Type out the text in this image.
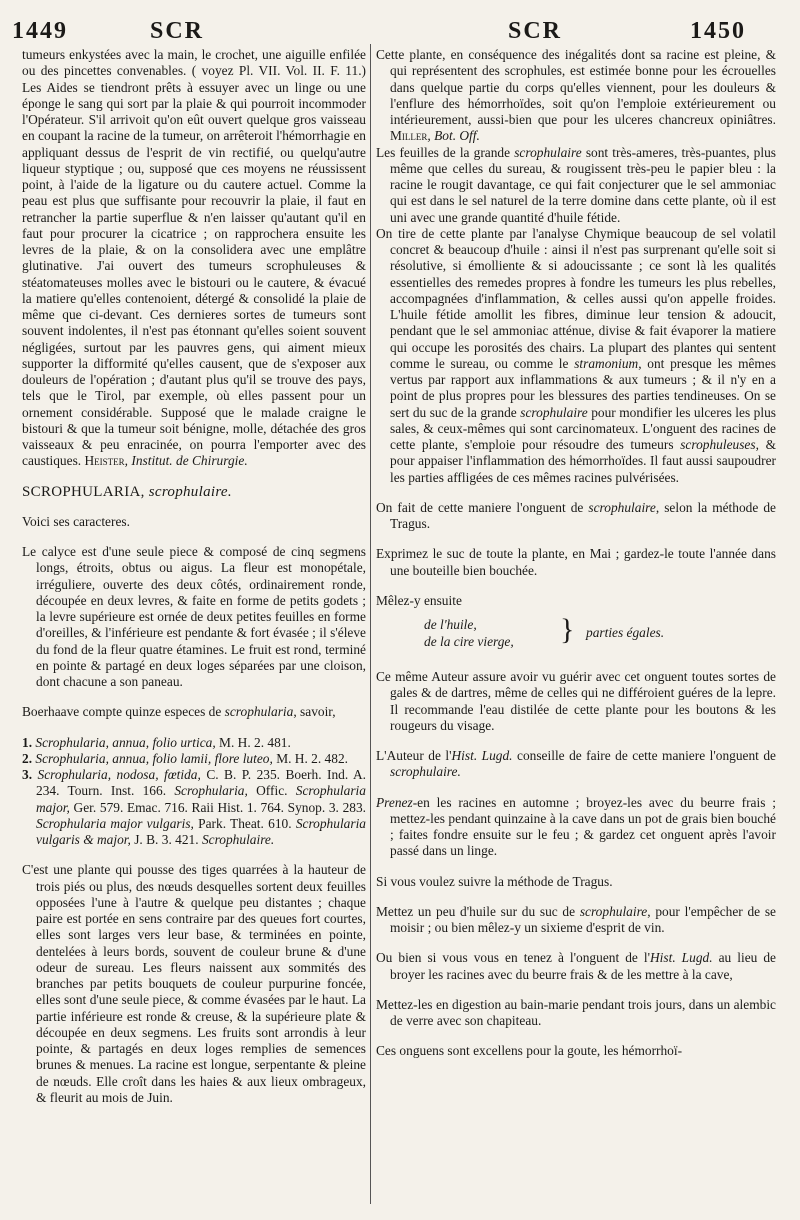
1449	SCR	SCR	1450

tumeurs enkystées avec la main, le crochet, une aiguille enfilée ou des pincettes convenables. ( voyez Pl. VII. Vol. II. F. 11.) Les Aides se tiendront prêts à essuyer avec un linge ou une éponge le sang qui sort par la plaie & qui pourroit incommoder l'Opérateur. S'il arrivoit qu'on eût ouvert quelque gros vaisseau en coupant la racine de la tumeur, on arrêteroit l'hémorrhagie en appliquant dessus de l'esprit de vin rectifié, ou quelqu'autre liqueur styptique ; ou, supposé que ces moyens ne réussissent point, à l'aide de la ligature ou du cautere actuel. Comme la peau est plus que suffisante pour recouvrir la plaie, il faut en retrancher la partie superflue & n'en laisser qu'autant qu'il en faut pour procurer la cicatrice ; on rapprochera ensuite les levres de la plaie, & on la consolidera avec une emplâtre glutinative. J'ai ouvert des tumeurs scrophuleuses & stéatomateuses molles avec le bistouri ou le cautere, & évacué la matiere qu'elles contenoient, détergé & consolidé la plaie de même que ci-devant. Ces dernieres sortes de tumeurs sont souvent indolentes, il n'est pas étonnant qu'elles soient souvent négligées, surtout par les pauvres gens, qui aiment mieux supporter la difformité qu'elles causent, que de s'exposer aux douleurs de l'opération ; d'autant plus qu'il se trouve des pays, tels que le Tirol, par exemple, où elles passent pour un ornement considérable. Supposé que le malade craigne le bistouri & que la tumeur soit bénigne, molle, détachée des gros vaisseaux & peu enracinée, on pourra l'emporter avec des caustiques. Heister, Institut. de Chirurgie.

SCROPHULARIA, scrophulaire.

Voici ses caracteres.

Le calyce est d'une seule piece & composé de cinq segmens longs, étroits, obtus ou aigus. La fleur est monopétale, irréguliere, ouverte des deux côtés, ordinairement ronde, découpée en deux levres, & faite en forme de petits godets ; la levre supérieure est ornée de deux petites feuilles en forme d'oreilles, & l'inférieure est pendante & fort évasée ; il s'éleve du fond de la fleur quatre étamines. Le fruit est rond, terminé en pointe & partagé en deux loges séparées par une cloison, dont chacune a son paneau.

Boerhaave compte quinze especes de scrophularia, savoir,

1. Scrophularia, annua, folio urtica, M. H. 2. 481.

2. Scrophularia, annua, folio lamii, flore luteo, M. H. 2. 482.

3. Scrophularia, nodosa, fœtida, C. B. P. 235. Boerh. Ind. A. 234. Tourn. Inst. 166. Scrophularia, Offic. Scrophularia major, Ger. 579. Emac. 716. Raii Hist. 1. 764. Synop. 3. 283. Scrophularia major vulgaris, Park. Theat. 610. Scrophularia vulgaris & major, J. B. 3. 421. Scrophulaire.

C'est une plante qui pousse des tiges quarrées à la hauteur de trois piés ou plus, des nœuds desquelles sortent deux feuilles opposées l'une à l'autre & quelque peu distantes ; chaque paire est portée en sens contraire par des queues fort courtes, elles sont larges vers leur base, & terminées en pointe, dentelées à leurs bords, souvent de couleur brune & d'une odeur de sureau. Les fleurs naissent aux sommités des branches par petits bouquets de couleur purpurine foncée, elles sont d'une seule piece, & comme évasées par le haut. La partie inférieure est ronde & creuse, & la supérieure plate & découpée en deux segmens. Les fruits sont arrondis à leur pointe, & partagés en deux loges remplies de semences brunes & menues. La racine est longue, serpentante & pleine de nœuds. Elle croît dans les haies & aux lieux ombrageux, & fleurit au mois de Juin.

Cette plante, en conséquence des inégalités dont sa racine est pleine, & qui représentent des scrophules, est estimée bonne pour les écrouelles dans quelque partie du corps qu'elles viennent, pour les douleurs & l'enflure des hémorrhoïdes, soit qu'on l'emploie extérieurement ou intérieurement, aussi-bien que pour les ulceres chancreux opiniâtres. Miller, Bot. Off.

Les feuilles de la grande scrophulaire sont très-ameres, très-puantes, plus même que celles du sureau, & rougissent très-peu le papier bleu : la racine le rougit davantage, ce qui fait conjecturer que le sel ammoniac qui est dans le sel naturel de la terre domine dans cette plante, où il est uni avec une grande quantité d'huile fétide.

On tire de cette plante par l'analyse Chymique beaucoup de sel volatil concret & beaucoup d'huile : ainsi il n'est pas surprenant qu'elle soit si résolutive, si émolliente & si adoucissante ; ce sont là les qualités essentielles des remedes propres à fondre les tumeurs les plus rebelles, accompagnées d'inflammation, & celles aussi qu'on appelle froides. L'huile fétide amollit les fibres, diminue leur tension & adoucit, pendant que le sel ammoniac atténue, divise & fait évaporer la matiere qui occupe les porosités des chairs. La plupart des plantes qui sentent comme le sureau, ou comme le stramonium, ont presque les mêmes vertus par rapport aux inflammations & aux tumeurs ; & il n'y en a point de plus propres pour les blessures des parties tendineuses. On se sert du suc de la grande scrophulaire pour mondifier les ulceres les plus sales, & ceux-mêmes qui sont carcinomateux. L'onguent des racines de cette plante, s'emploie pour résoudre des tumeurs scrophuleuses, & pour appaiser l'inflammation des hémorrhoïdes. Il faut aussi saupoudrer les parties affligées de ces mêmes racines pulvérisées.

On fait de cette maniere l'onguent de scrophulaire, selon la méthode de Tragus.

Exprimez le suc de toute la plante, en Mai ; gardez-le toute l'année dans une bouteille bien bouchée.

Mêlez-y ensuite

de l'huile,
de la cire vierge, } parties égales.

Ce même Auteur assure avoir vu guérir avec cet onguent toutes sortes de gales & de dartres, même de celles qui ne différoient guéres de la lepre. Il recommande l'eau distilée de cette plante pour les boutons & les rougeurs du visage.

L'Auteur de l'Hist. Lugd. conseille de faire de cette maniere l'onguent de scrophulaire.

Prenez-en les racines en automne ; broyez-les avec du beurre frais ; mettez-les pendant quinzaine à la cave dans un pot de grais bien bouché ; faites fondre ensuite sur le feu ; & gardez cet onguent après l'avoir passé dans un linge.

Si vous voulez suivre la méthode de Tragus.

Mettez un peu d'huile sur du suc de scrophulaire, pour l'empêcher de se moisir ; ou bien mêlez-y un sixieme d'esprit de vin.

Ou bien si vous vous en tenez à l'onguent de l'Hist. Lugd. au lieu de broyer les racines avec du beurre frais & de les mettre à la cave,

Mettez-les en digestion au bain-marie pendant trois jours, dans un alembic de verre avec son chapiteau.

Ces onguens sont excellens pour la goute, les hémorrhoï-
